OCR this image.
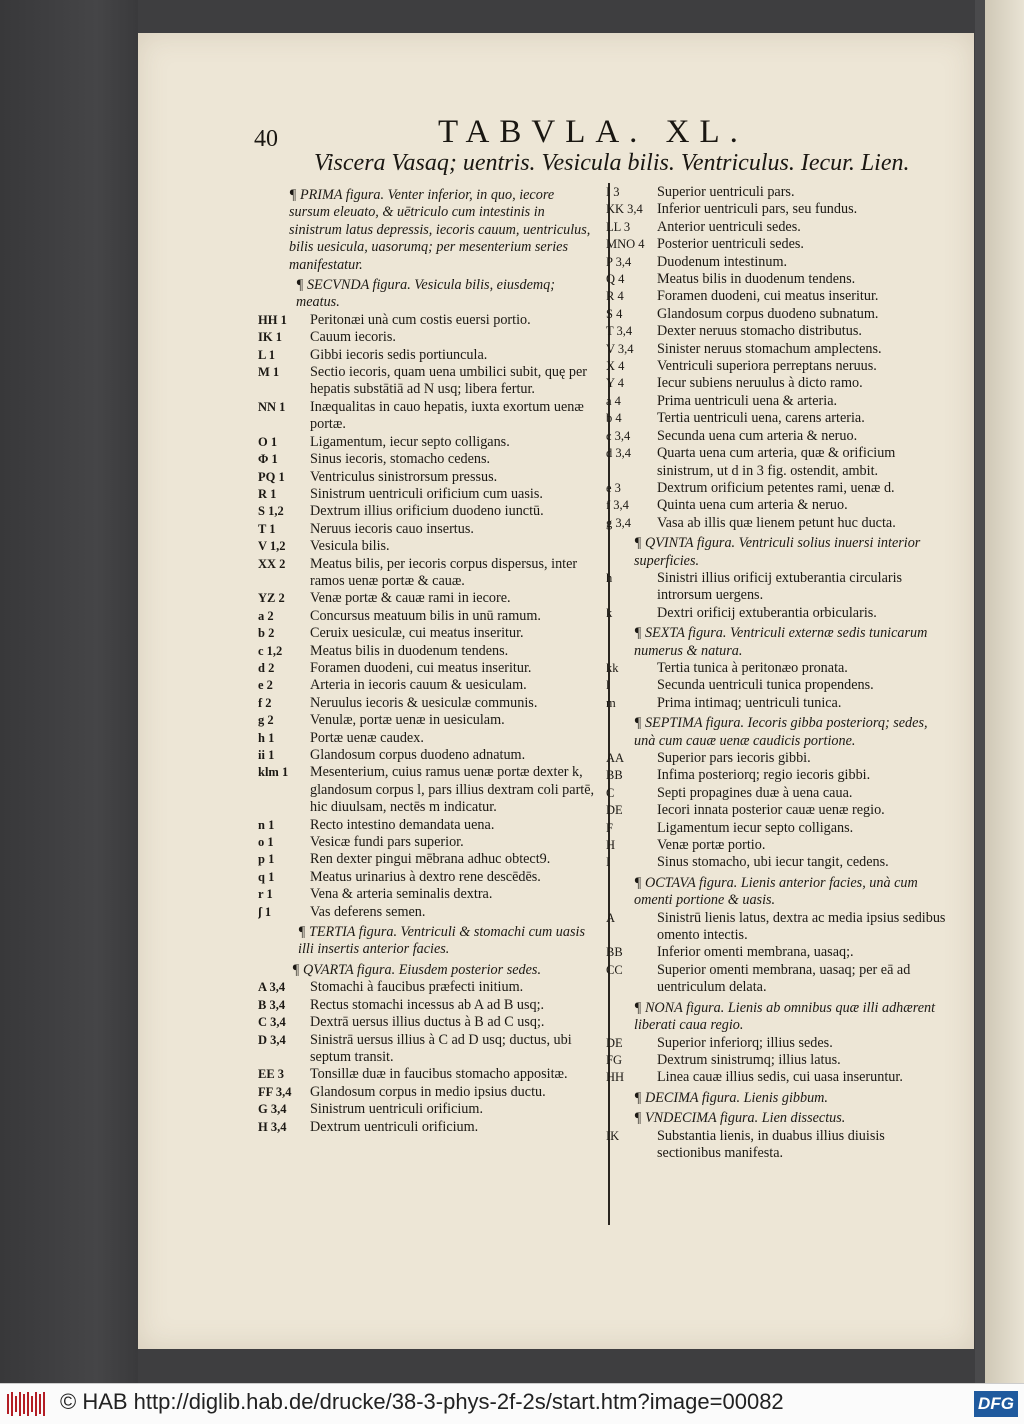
40	TABVLA. XL.
Viscera Vasaq; uentris. Vesicula bilis. Ventriculus. Iecur. Lien.
¶ PRIMA figura. Venter inferior, in quo, iecore sursum eleuato, & uētriculo cum intestinis in sinistrum latus depressis, iecoris cauum, uentriculus, bilis uesicula, uasorumq; per mesenterium series manifestatur.
¶ SECVNDA figura. Vesicula bilis, eiusdemq; meatus.
HH 1	Peritonæi unà cum costis euersi portio.
IK 1	Cauum iecoris.
L 1	Gibbi iecoris sedis portiuncula.
M 1	Sectio iecoris, quam uena umbilici subit, quę per hepatis substātiā ad N usq; libera fertur.
NN 1	Inæqualitas in cauo hepatis, iuxta exortum uenæ portæ.
O 1	Ligamentum, iecur septo colligans.
Φ 1	Sinus iecoris, stomacho cedens.
PQ 1	Ventriculus sinistrorsum pressus.
R 1	Sinistrum uentriculi orificium cum uasis.
S 1,2	Dextrum illius orificium duodeno iunctū.
T 1	Neruus iecoris cauo insertus.
V 1,2	Vesicula bilis.
XX 2	Meatus bilis, per iecoris corpus dispersus, inter ramos uenæ portæ & cauæ.
YZ 2	Venæ portæ & cauæ rami in iecore.
a 2	Concursus meatuum bilis in unū ramum.
b 2	Ceruix uesiculæ, cui meatus inseritur.
c 1,2	Meatus bilis in duodenum tendens.
d 2	Foramen duodeni, cui meatus inseritur.
e 2	Arteria in iecoris cauum & uesiculam.
f 2	Neruulus iecoris & uesiculæ communis.
g 2	Venulæ, portæ uenæ in uesiculam.
h 1	Portæ uenæ caudex.
ii 1	Glandosum corpus duodeno adnatum.
klm 1	Mesenterium, cuius ramus uenæ portæ dexter k, glandosum corpus l, pars illius dextram coli partē, hic diuulsam, nectēs m indicatur.
n 1	Recto intestino demandata uena.
o 1	Vesicæ fundi pars superior.
p 1	Ren dexter pingui mēbrana adhuc obtect9.
q 1	Meatus urinarius à dextro rene descēdēs.
r 1	Vena & arteria seminalis dextra.
ʃ 1	Vas deferens semen.
¶ TERTIA figura. Ventriculi & stomachi cum uasis illi insertis anterior facies.
¶ QVARTA figura. Eiusdem posterior sedes.
A 3,4	Stomachi à faucibus præfecti initium.
B 3,4	Rectus stomachi incessus ab A ad B usq;.
C 3,4	Dextrā uersus illius ductus à B ad C usq;.
D 3,4	Sinistrā uersus illius à C ad D usq; ductus, ubi septum transit.
EE 3	Tonsillæ duæ in faucibus stomacho appositæ.
FF 3,4	Glandosum corpus in medio ipsius ductu.
G 3,4	Sinistrum uentriculi orificium.
H 3,4	Dextrum uentriculi orificium.
I 3	Superior uentriculi pars.
KK 3,4 Inferior uentriculi pars, seu fundus.
LL 3	Anterior uentriculi sedes.
MNO 4 Posterior uentriculi sedes.
P 3,4	Duodenum intestinum.
Q 4	Meatus bilis in duodenum tendens.
R 4	Foramen duodeni, cui meatus inseritur.
S 4	Glandosum corpus duodeno subnatum.
T 3,4	Dexter neruus stomacho distributus.
V 3,4	Sinister neruus stomachum amplectens.
X 4	Ventriculi superiora perreptans neruus.
Y 4	Iecur subiens neruulus à dicto ramo.
a 4	Prima uentriculi uena & arteria.
b 4	Tertia uentriculi uena, carens arteria.
c 3,4	Secunda uena cum arteria & neruo.
d 3,4	Quarta uena cum arteria, quæ & orificium sinistrum, ut d in 3 fig. ostendit, ambit.
e 3	Dextrum orificium petentes rami, uenæ d.
f 3,4	Quinta uena cum arteria & neruo.
g 3,4	Vasa ab illis quæ lienem petunt huc ducta.
¶ QVINTA figura. Ventriculi solius inuersi interior superficies.
h	Sinistri illius orificij extuberantia circularis introrsum uergens.
k	Dextri orificij extuberantia orbicularis.
¶ SEXTA figura. Ventriculi externæ sedis tunicarum numerus & natura.
kk	Tertia tunica à peritonæo pronata.
l	Secunda uentriculi tunica propendens.
m	Prima intimaq; uentriculi tunica.
¶ SEPTIMA figura. Iecoris gibba posteriorq; sedes, unà cum cauæ uenæ caudicis portione.
AA	Superior pars iecoris gibbi.
BB	Infima posteriorq; regio iecoris gibbi.
C	Septi propagines duæ à uena caua.
DE	Iecori innata posterior cauæ uenæ regio.
F	Ligamentum iecur septo colligans.
H	Venæ portæ portio.
I	Sinus stomacho, ubi iecur tangit, cedens.
¶ OCTAVA figura. Lienis anterior facies, unà cum omenti portione & uasis.
A	Sinistrū lienis latus, dextra ac media ipsius sedibus omento intectis.
BB	Inferior omenti membrana, uasaq;.
CC	Superior omenti membrana, uasaq; per eā ad uentriculum delata.
¶ NONA figura. Lienis ab omnibus quæ illi adhærent liberati caua regio.
DE	Superior inferiorq; illius sedes.
FG	Dextrum sinistrumq; illius latus.
HH	Linea cauæ illius sedis, cui uasa inseruntur.
¶ DECIMA figura. Lienis gibbum.
¶ VNDECIMA figura. Lien dissectus.
IK	Substantia lienis, in duabus illius diuisis sectionibus manifesta.
© HAB http://diglib.hab.de/drucke/38-3-phys-2f-2s/start.htm?image=00082	DFG
